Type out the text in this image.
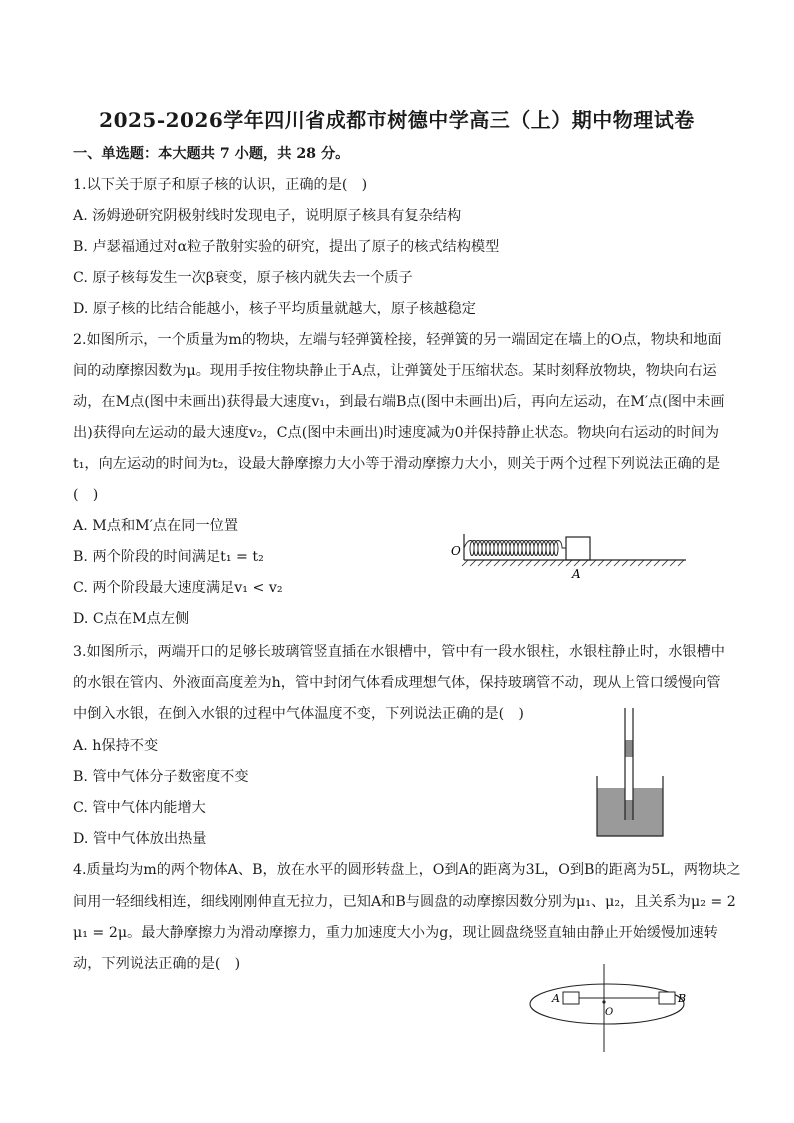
2025-2026学年四川省成都市树德中学高三（上）期中物理试卷
一、单选题：本大题共 7 小题，共 28 分。
1.以下关于原子和原子核的认识，正确的是(　)
A. 汤姆逊研究阴极射线时发现电子，说明原子核具有复杂结构
B. 卢瑟福通过对α粒子散射实验的研究，提出了原子的核式结构模型
C. 原子核每发生一次β衰变，原子核内就失去一个质子
D. 原子核的比结合能越小，核子平均质量就越大，原子核越稳定
2.如图所示，一个质量为m的物块，左端与轻弹簧栓接，轻弹簧的另一端固定在墙上的O点，物块和地面
间的动摩擦因数为μ。现用手按住物块静止于A点，让弹簧处于压缩状态。某时刻释放物块，物块向右运
动，在M点(图中未画出)获得最大速度v₁，到最右端B点(图中未画出)后，再向左运动，在M′点(图中未画
出)获得向左运动的最大速度v₂，C点(图中未画出)时速度减为0并保持静止状态。物块向右运动的时间为
t₁，向左运动的时间为t₂，设最大静摩擦力大小等于滑动摩擦力大小，则关于两个过程下列说法正确的是
(　)
A. M点和M′点在同一位置
B. 两个阶段的时间满足t₁ = t₂
C. 两个阶段最大速度满足v₁ < v₂
D. C点在M点左侧
O
A
3.如图所示，两端开口的足够长玻璃管竖直插在水银槽中，管中有一段水银柱，水银柱静止时，水银槽中
的水银在管内、外液面高度差为h，管中封闭气体看成理想气体，保持玻璃管不动，现从上管口缓慢向管
中倒入水银，在倒入水银的过程中气体温度不变，下列说法正确的是(　)
A. h保持不变
B. 管中气体分子数密度不变
C. 管中气体内能增大
D. 管中气体放出热量
4.质量均为m的两个物体A、B，放在水平的圆形转盘上，O到A的距离为3L，O到B的距离为5L，两物块之
间用一轻细线相连，细线刚刚伸直无拉力，已知A和B与圆盘的动摩擦因数分别为μ₁、μ₂，且关系为μ₂ = 2
μ₁ = 2μ。最大静摩擦力为滑动摩擦力，重力加速度大小为g，现让圆盘绕竖直轴由静止开始缓慢加速转
动，下列说法正确的是(　)
A	B
O
